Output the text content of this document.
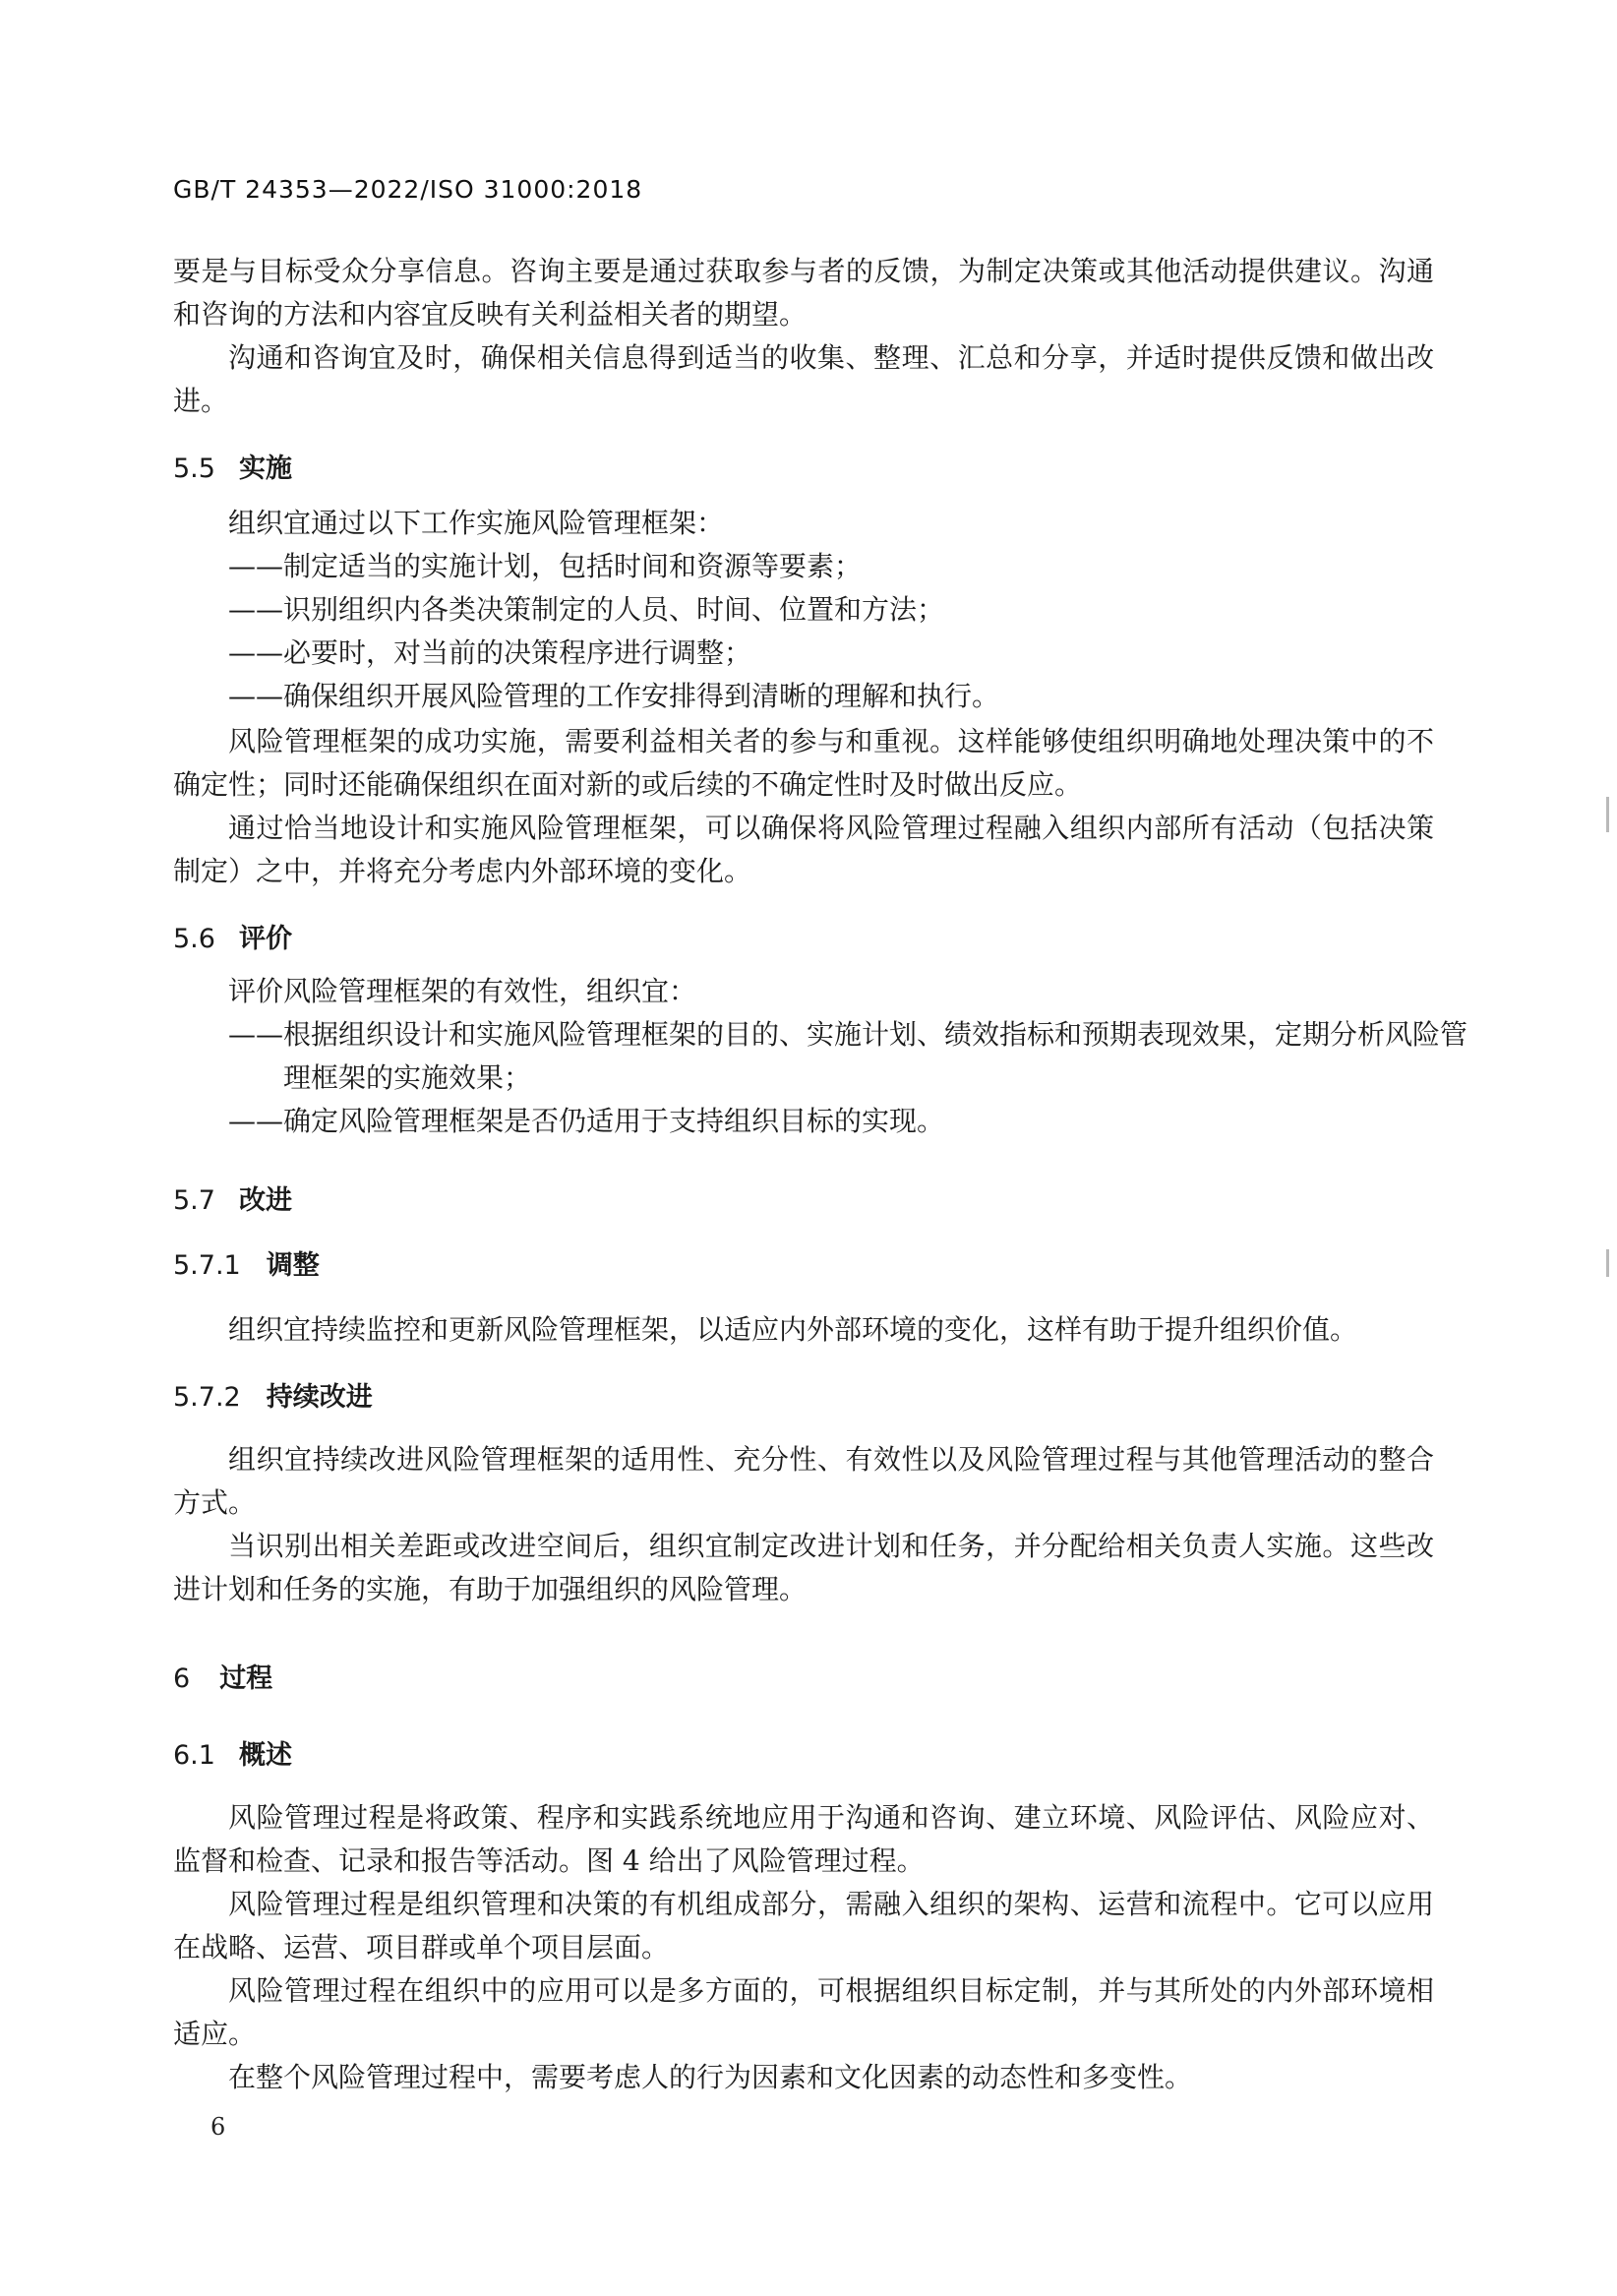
GB/T 24353—2022/ISO 31000:2018

要是与目标受众分享信息。咨询主要是通过获取参与者的反馈，为制定决策或其他活动提供建议。沟通和咨询的方法和内容宜反映有关利益相关者的期望。

沟通和咨询宜及时，确保相关信息得到适当的收集、整理、汇总和分享，并适时提供反馈和做出改进。

5.5 实施

组织宜通过以下工作实施风险管理框架：

——制定适当的实施计划，包括时间和资源等要素；

——识别组织内各类决策制定的人员、时间、位置和方法；

——必要时，对当前的决策程序进行调整；

——确保组织开展风险管理的工作安排得到清晰的理解和执行。

风险管理框架的成功实施，需要利益相关者的参与和重视。这样能够使组织明确地处理决策中的不确定性；同时还能确保组织在面对新的或后续的不确定性时及时做出反应。

通过恰当地设计和实施风险管理框架，可以确保将风险管理过程融入组织内部所有活动（包括决策制定）之中，并将充分考虑内外部环境的变化。

5.6 评价

评价风险管理框架的有效性，组织宜：

——根据组织设计和实施风险管理框架的目的、实施计划、绩效指标和预期表现效果，定期分析风险管理框架的实施效果；

——确定风险管理框架是否仍适用于支持组织目标的实现。

5.7 改进
5.7.1 调整

组织宜持续监控和更新风险管理框架，以适应内外部环境的变化，这样有助于提升组织价值。

5.7.2 持续改进

组织宜持续改进风险管理框架的适用性、充分性、有效性以及风险管理过程与其他管理活动的整合方式。

当识别出相关差距或改进空间后，组织宜制定改进计划和任务，并分配给相关负责人实施。这些改进计划和任务的实施，有助于加强组织的风险管理。

6 过程
6.1 概述

风险管理过程是将政策、程序和实践系统地应用于沟通和咨询、建立环境、风险评估、风险应对、监督和检查、记录和报告等活动。图 4 给出了风险管理过程。

风险管理过程是组织管理和决策的有机组成部分，需融入组织的架构、运营和流程中。它可以应用在战略、运营、项目群或单个项目层面。

风险管理过程在组织中的应用可以是多方面的，可根据组织目标定制，并与其所处的内外部环境相适应。

在整个风险管理过程中，需要考虑人的行为因素和文化因素的动态性和多变性。

6
